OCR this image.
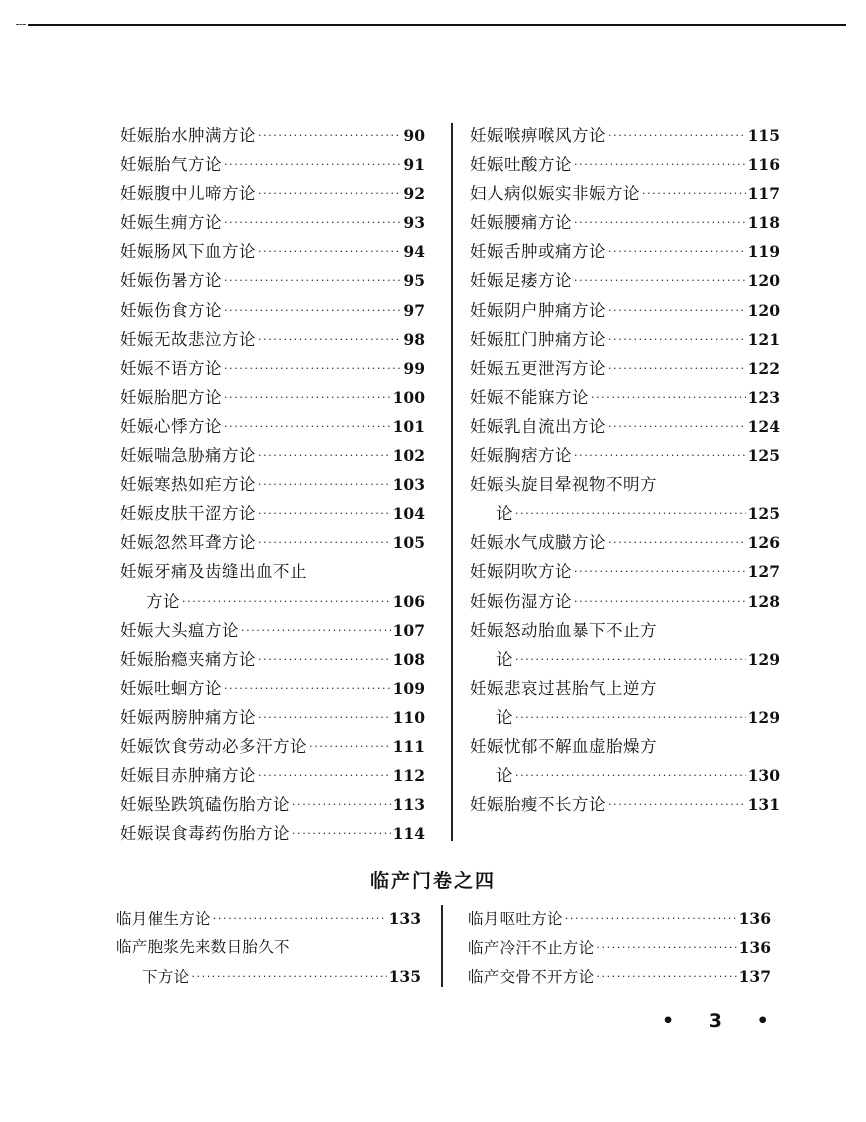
妊娠胎水肿满方论 ·····	90
妊娠胎气方论 ·····	91
妊娠腹中儿啼方论 ·····	92
妊娠生痈方论 ·····	93
妊娠肠风下血方论 ·····	94
妊娠伤暑方论 ·····	95
妊娠伤食方论 ·····	97
妊娠无故悲泣方论 ·····	98
妊娠不语方论 ·····	99
妊娠胎肥方论 ·····	100
妊娠心悸方论 ·····	101
妊娠喘急胁痛方论 ·····	102
妊娠寒热如疟方论 ·····	103
妊娠皮肤干涩方论 ·····	104
妊娠忽然耳聋方论 ·····	105
妊娠牙痛及齿缝出血不止
方论 ·····	106
妊娠大头瘟方论 ·····	107
妊娠胎瘾夹痛方论 ·····	108
妊娠吐蛔方论 ·····	109
妊娠两膀肿痛方论 ·····	110
妊娠饮食劳动必多汗方论 ·····	111
妊娠目赤肿痛方论 ·····	112
妊娠坠跌筑磕伤胎方论 ·····	113
妊娠误食毒药伤胎方论 ·····	114
妊娠喉痹喉风方论 ·····	115
妊娠吐酸方论 ·····	116
妇人病似娠实非娠方论 ·····	117
妊娠腰痛方论 ·····	118
妊娠舌肿或痛方论 ·····	119
妊娠足痿方论 ·····	120
妊娠阴户肿痛方论 ·····	120
妊娠肛门肿痛方论 ·····	121
妊娠五更泄泻方论 ·····	122
妊娠不能寐方论 ·····	123
妊娠乳自流出方论 ·····	124
妊娠胸痞方论 ·····	125
妊娠头旋目晕视物不明方
论 ·····	125
妊娠水气成臌方论 ·····	126
妊娠阴吹方论 ·····	127
妊娠伤湿方论 ·····	128
妊娠怒动胎血暴下不止方
论 ·····	129
妊娠悲哀过甚胎气上逆方
论 ·····	129
妊娠忧郁不解血虚胎燥方
论 ·····	130
妊娠胎瘦不长方论 ·····	131
临产门卷之四
临月催生方论 ·····	133
临产胞浆先来数日胎久不
下方论 ·····	135
临月呕吐方论 ·····	136
临产冷汗不止方论 ·····	136
临产交骨不开方论 ·····	137
• 3 •
